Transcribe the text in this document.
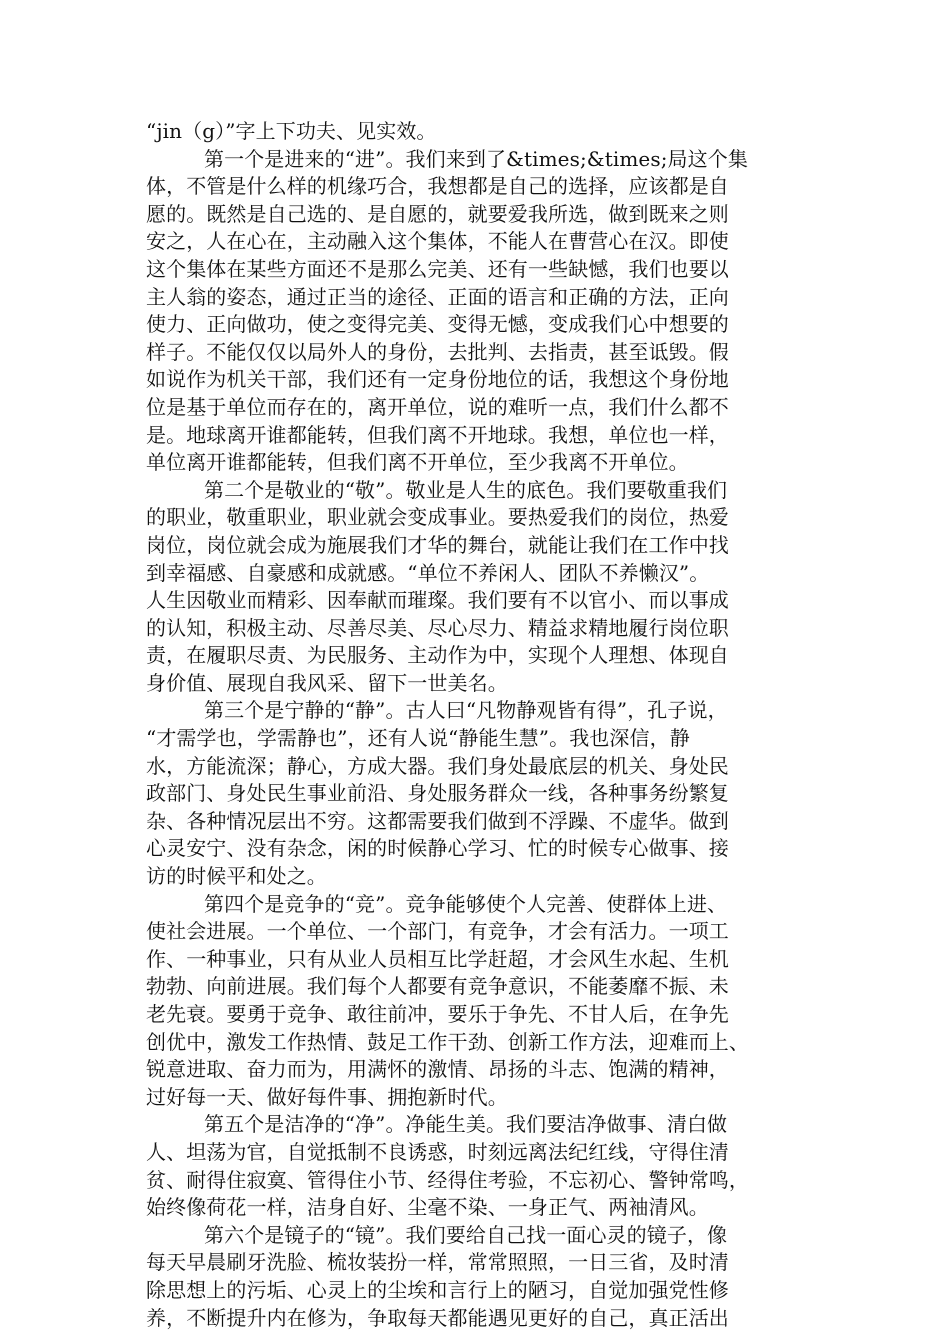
“jin（g）”字上下功夫、见实效。
第一个是进来的“进”。我们来到了&times;&times;局这个集
体，不管是什么样的机缘巧合，我想都是自己的选择，应该都是自
愿的。既然是自己选的、是自愿的，就要爱我所选，做到既来之则
安之，人在心在，主动融入这个集体，不能人在曹营心在汉。即使
这个集体在某些方面还不是那么完美、还有一些缺憾，我们也要以
主人翁的姿态，通过正当的途径、正面的语言和正确的方法，正向
使力、正向做功，使之变得完美、变得无憾，变成我们心中想要的
样子。不能仅仅以局外人的身份，去批判、去指责，甚至诋毁。假
如说作为机关干部，我们还有一定身份地位的话，我想这个身份地
位是基于单位而存在的，离开单位，说的难听一点，我们什么都不
是。地球离开谁都能转，但我们离不开地球。我想，单位也一样，
单位离开谁都能转，但我们离不开单位，至少我离不开单位。
第二个是敬业的“敬”。敬业是人生的底色。我们要敬重我们
的职业，敬重职业，职业就会变成事业。要热爱我们的岗位，热爱
岗位，岗位就会成为施展我们才华的舞台，就能让我们在工作中找
到幸福感、自豪感和成就感。“单位不养闲人、团队不养懒汉”。
人生因敬业而精彩、因奉献而璀璨。我们要有不以官小、而以事成
的认知，积极主动、尽善尽美、尽心尽力、精益求精地履行岗位职
责，在履职尽责、为民服务、主动作为中，实现个人理想、体现自
身价值、展现自我风采、留下一世美名。
第三个是宁静的“静”。古人曰“凡物静观皆有得”，孔子说，
“才需学也，学需静也”，还有人说“静能生慧”。我也深信，静
水，方能流深；静心，方成大器。我们身处最底层的机关、身处民
政部门、身处民生事业前沿、身处服务群众一线，各种事务纷繁复
杂、各种情况层出不穷。这都需要我们做到不浮躁、不虚华。做到
心灵安宁、没有杂念，闲的时候静心学习、忙的时候专心做事、接
访的时候平和处之。
第四个是竞争的“竞”。竞争能够使个人完善、使群体上进、
使社会进展。一个单位、一个部门，有竞争，才会有活力。一项工
作、一种事业，只有从业人员相互比学赶超，才会风生水起、生机
勃勃、向前进展。我们每个人都要有竞争意识，不能萎靡不振、未
老先衰。要勇于竞争、敢往前冲，要乐于争先、不甘人后，在争先
创优中，激发工作热情、鼓足工作干劲、创新工作方法，迎难而上、
锐意进取、奋力而为，用满怀的激情、昂扬的斗志、饱满的精神，
过好每一天、做好每件事、拥抱新时代。
第五个是洁净的“净”。净能生美。我们要洁净做事、清白做
人、坦荡为官，自觉抵制不良诱惑，时刻远离法纪红线，守得住清
贫、耐得住寂寞、管得住小节、经得住考验，不忘初心、警钟常鸣，
始终像荷花一样，洁身自好、尘毫不染、一身正气、两袖清风。
第六个是镜子的“镜”。我们要给自己找一面心灵的镜子，像
每天早晨刷牙洗脸、梳妆装扮一样，常常照照，一日三省，及时清
除思想上的污垢、心灵上的尘埃和言行上的陋习，自觉加强党性修
养，不断提升内在修为，争取每天都能遇见更好的自己，真正活出
